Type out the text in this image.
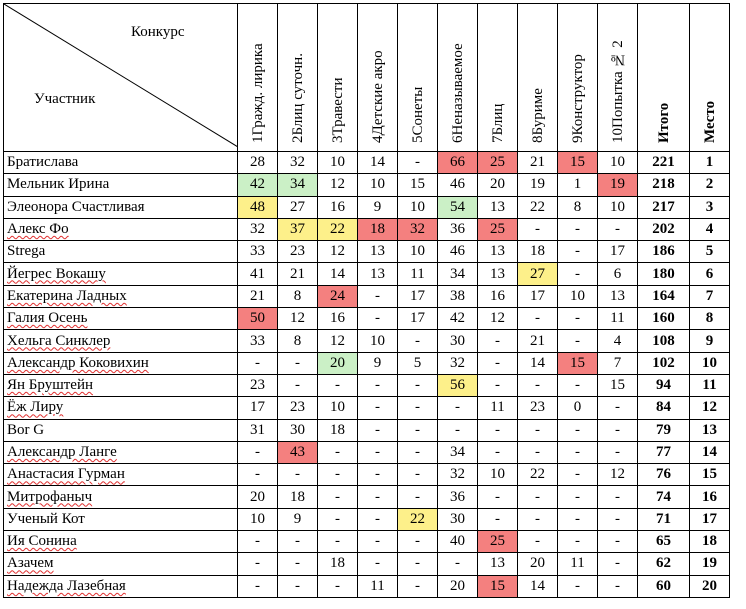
Конкурс
Участник	1Гражд. лирика	2Блиц суточн.	3Травести	4Детские акро	5Сонеты	6Неназываемое	7Блиц	8Буриме	9Конструктор	10Попытка № 2	Итого	Место
Братислава	28	32	10	14	-	66	25	21	15	10	221	1
Мельник Ирина	42	34	12	10	15	46	20	19	1	19	218	2
Элеонора Счастливая	48	27	16	9	10	54	13	22	8	10	217	3
Алекс Фо	32	37	22	18	32	36	25	-	-	-	202	4
Strega	33	23	12	13	10	46	13	18	-	17	186	5
Йегрес Вокашу	41	21	14	13	11	34	13	27	-	6	180	6
Екатерина Ладных	21	8	24	-	17	38	16	17	10	13	164	7
Галия Осень	50	12	16	-	17	42	12	-	-	11	160	8
Хельга Синклер	33	8	12	10	-	30	-	21	-	4	108	9
Александр Коковихин	-	-	20	9	5	32	-	14	15	7	102	10
Ян Бруштейн	23	-	-	-	-	56	-	-	-	15	94	11
Ёж Лиру	17	23	10	-	-	-	11	23	0	-	84	12
Bor G	31	30	18	-	-	-	-	-	-	-	79	13
Александр Ланге	-	43	-	-	-	34	-	-	-	-	77	14
Анастасия Гурман	-	-	-	-	-	32	10	22	-	12	76	15
Митрофаныч	20	18	-	-	-	36	-	-	-	-	74	16
Ученый Кот	10	9	-	-	22	30	-	-	-	-	71	17
Ия Сонина	-	-	-	-	-	40	25	-	-	-	65	18
Азачем	-	-	18	-	-	-	13	20	11	-	62	19
Надежда Лазебная	-	-	-	11	-	20	15	14	-	-	60	20
